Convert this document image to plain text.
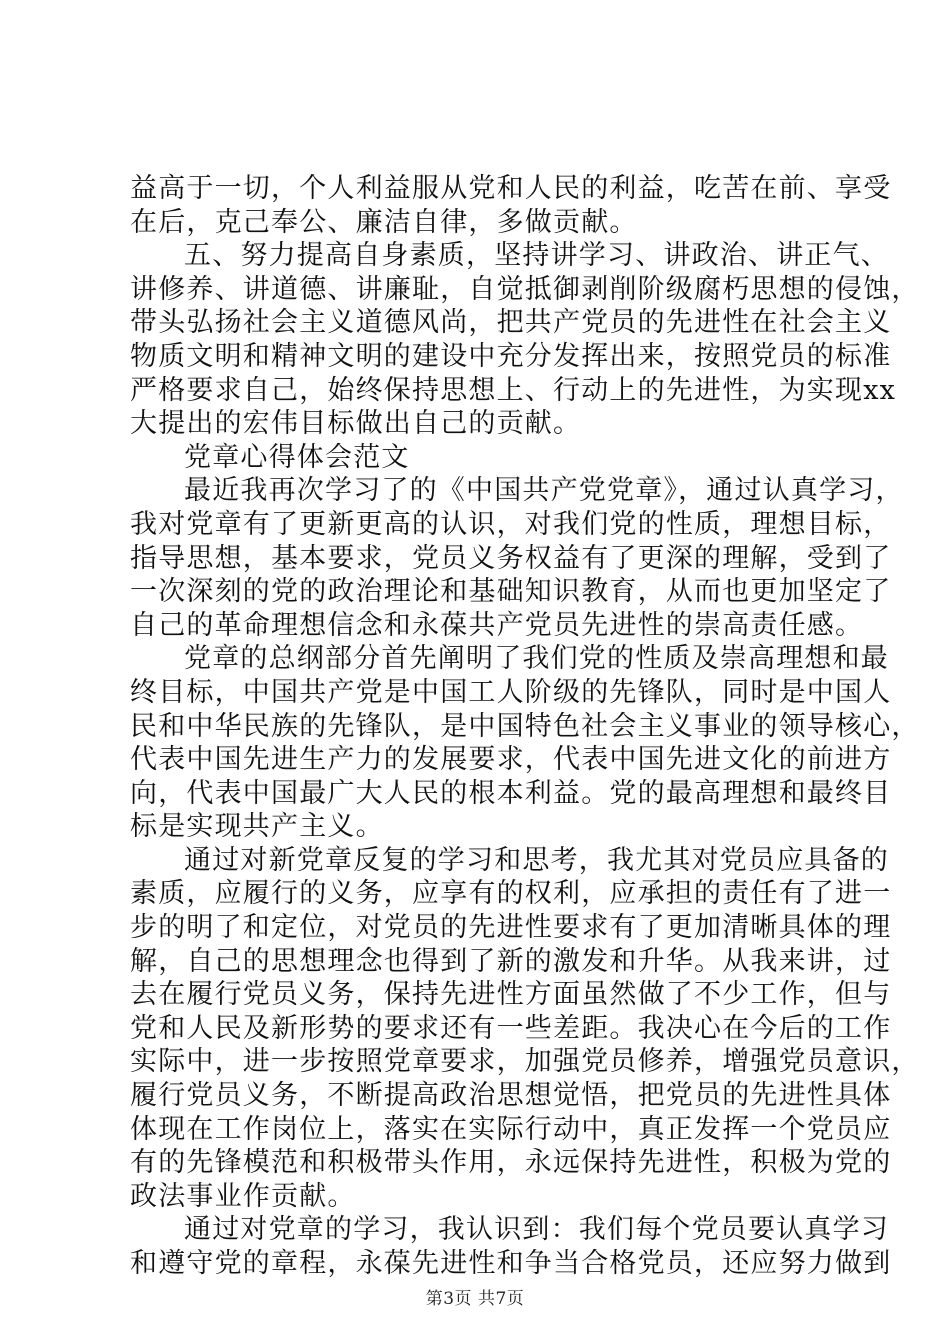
益高于一切，个人利益服从党和人民的利益，吃苦在前、享受
在后，克己奉公、廉洁自律，多做贡献。
五、努力提高自身素质，坚持讲学习、讲政治、讲正气、
讲修养、讲道德、讲廉耻，自觉抵御剥削阶级腐朽思想的侵蚀，
带头弘扬社会主义道德风尚，把共产党员的先进性在社会主义
物质文明和精神文明的建设中充分发挥出来，按照党员的标准
严格要求自己，始终保持思想上、行动上的先进性，为实现xx
大提出的宏伟目标做出自己的贡献。
党章心得体会范文
最近我再次学习了的《中国共产党党章》，通过认真学习，
我对党章有了更新更高的认识，对我们党的性质，理想目标，
指导思想，基本要求，党员义务权益有了更深的理解，受到了
一次深刻的党的政治理论和基础知识教育，从而也更加坚定了
自己的革命理想信念和永葆共产党员先进性的崇高责任感。
党章的总纲部分首先阐明了我们党的性质及崇高理想和最
终目标，中国共产党是中国工人阶级的先锋队，同时是中国人
民和中华民族的先锋队，是中国特色社会主义事业的领导核心，
代表中国先进生产力的发展要求，代表中国先进文化的前进方
向，代表中国最广大人民的根本利益。党的最高理想和最终目
标是实现共产主义。
通过对新党章反复的学习和思考，我尤其对党员应具备的
素质，应履行的义务，应享有的权利，应承担的责任有了进一
步的明了和定位，对党员的先进性要求有了更加清晰具体的理
解，自己的思想理念也得到了新的激发和升华。从我来讲，过
去在履行党员义务，保持先进性方面虽然做了不少工作，但与
党和人民及新形势的要求还有一些差距。我决心在今后的工作
实际中，进一步按照党章要求，加强党员修养，增强党员意识，
履行党员义务，不断提高政治思想觉悟，把党员的先进性具体
体现在工作岗位上，落实在实际行动中，真正发挥一个党员应
有的先锋模范和积极带头作用，永远保持先进性，积极为党的
政法事业作贡献。
通过对党章的学习，我认识到：我们每个党员要认真学习
和遵守党的章程，永葆先进性和争当合格党员，还应努力做到
第3页 共7页
